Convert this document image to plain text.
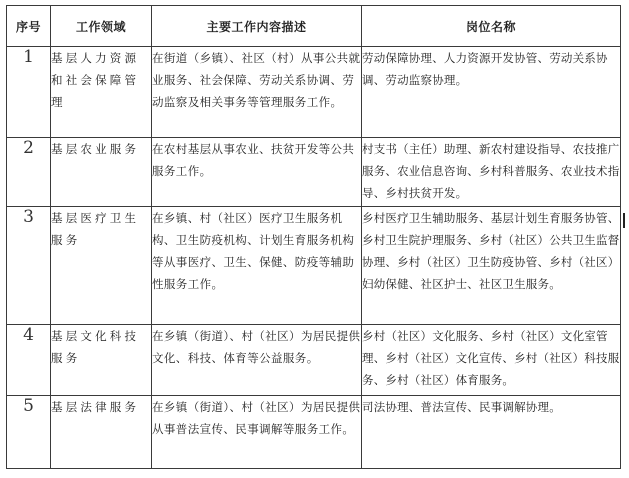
序号	工作领域	主要工作内容描述	岗位名称
1	基层人力资源和社会保障管理	在街道（乡镇）、社区（村）从事公共就业服务、社会保障、劳动关系协调、劳动监察及相关事务等管理服务工作。	劳动保障协理、人力资源开发协管、劳动关系协调、劳动监察协理。
2	基层农业服务	在农村基层从事农业、扶贫开发等公共服务工作。	村支书（主任）助理、新农村建设指导、农技推广服务、农业信息咨询、乡村科普服务、农业技术指导、乡村扶贫开发。
3	基层医疗卫生服务	在乡镇、村（社区）医疗卫生服务机构、卫生防疫机构、计划生育服务机构等从事医疗、卫生、保健、防疫等辅助性服务工作。	乡村医疗卫生辅助服务、基层计划生育服务协管、乡村卫生院护理服务、乡村（社区）公共卫生监督协理、乡村（社区）卫生防疫协管、乡村（社区）妇幼保健、社区护士、社区卫生服务。
4	基层文化科技服务	在乡镇（街道）、村（社区）为居民提供文化、科技、体育等公益服务。	乡村（社区）文化服务、乡村（社区）文化室管理、乡村（社区）文化宣传、乡村（社区）科技服务、乡村（社区）体育服务。
5	基层法律服务	在乡镇（街道）、村（社区）为居民提供从事普法宣传、民事调解等服务工作。	司法协理、普法宣传、民事调解协理。
